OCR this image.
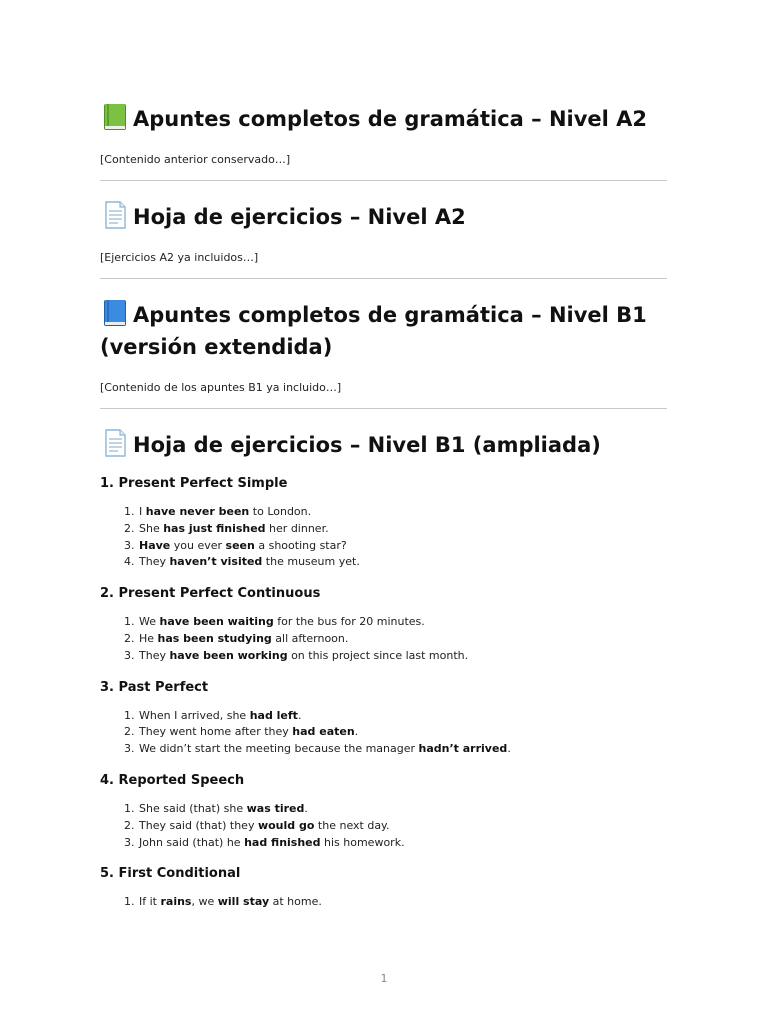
Apuntes completos de gramática – Nivel A2

[Contenido anterior conservado…]

Hoja de ejercicios – Nivel A2

[Ejercicios A2 ya incluidos…]

Apuntes completos de gramática – Nivel B1 (versión extendida)

[Contenido de los apuntes B1 ya incluido…]

Hoja de ejercicios – Nivel B1 (ampliada)
1. Present Perfect Simple
1. I have never been to London.
2. She has just finished her dinner.
3. Have you ever seen a shooting star?
4. They haven’t visited the museum yet.
2. Present Perfect Continuous
1. We have been waiting for the bus for 20 minutes.
2. He has been studying all afternoon.
3. They have been working on this project since last month.
3. Past Perfect
1. When I arrived, she had left.
2. They went home after they had eaten.
3. We didn’t start the meeting because the manager hadn’t arrived.
4. Reported Speech
1. She said (that) she was tired.
2. They said (that) they would go the next day.
3. John said (that) he had finished his homework.
5. First Conditional
1. If it rains, we will stay at home.
1
